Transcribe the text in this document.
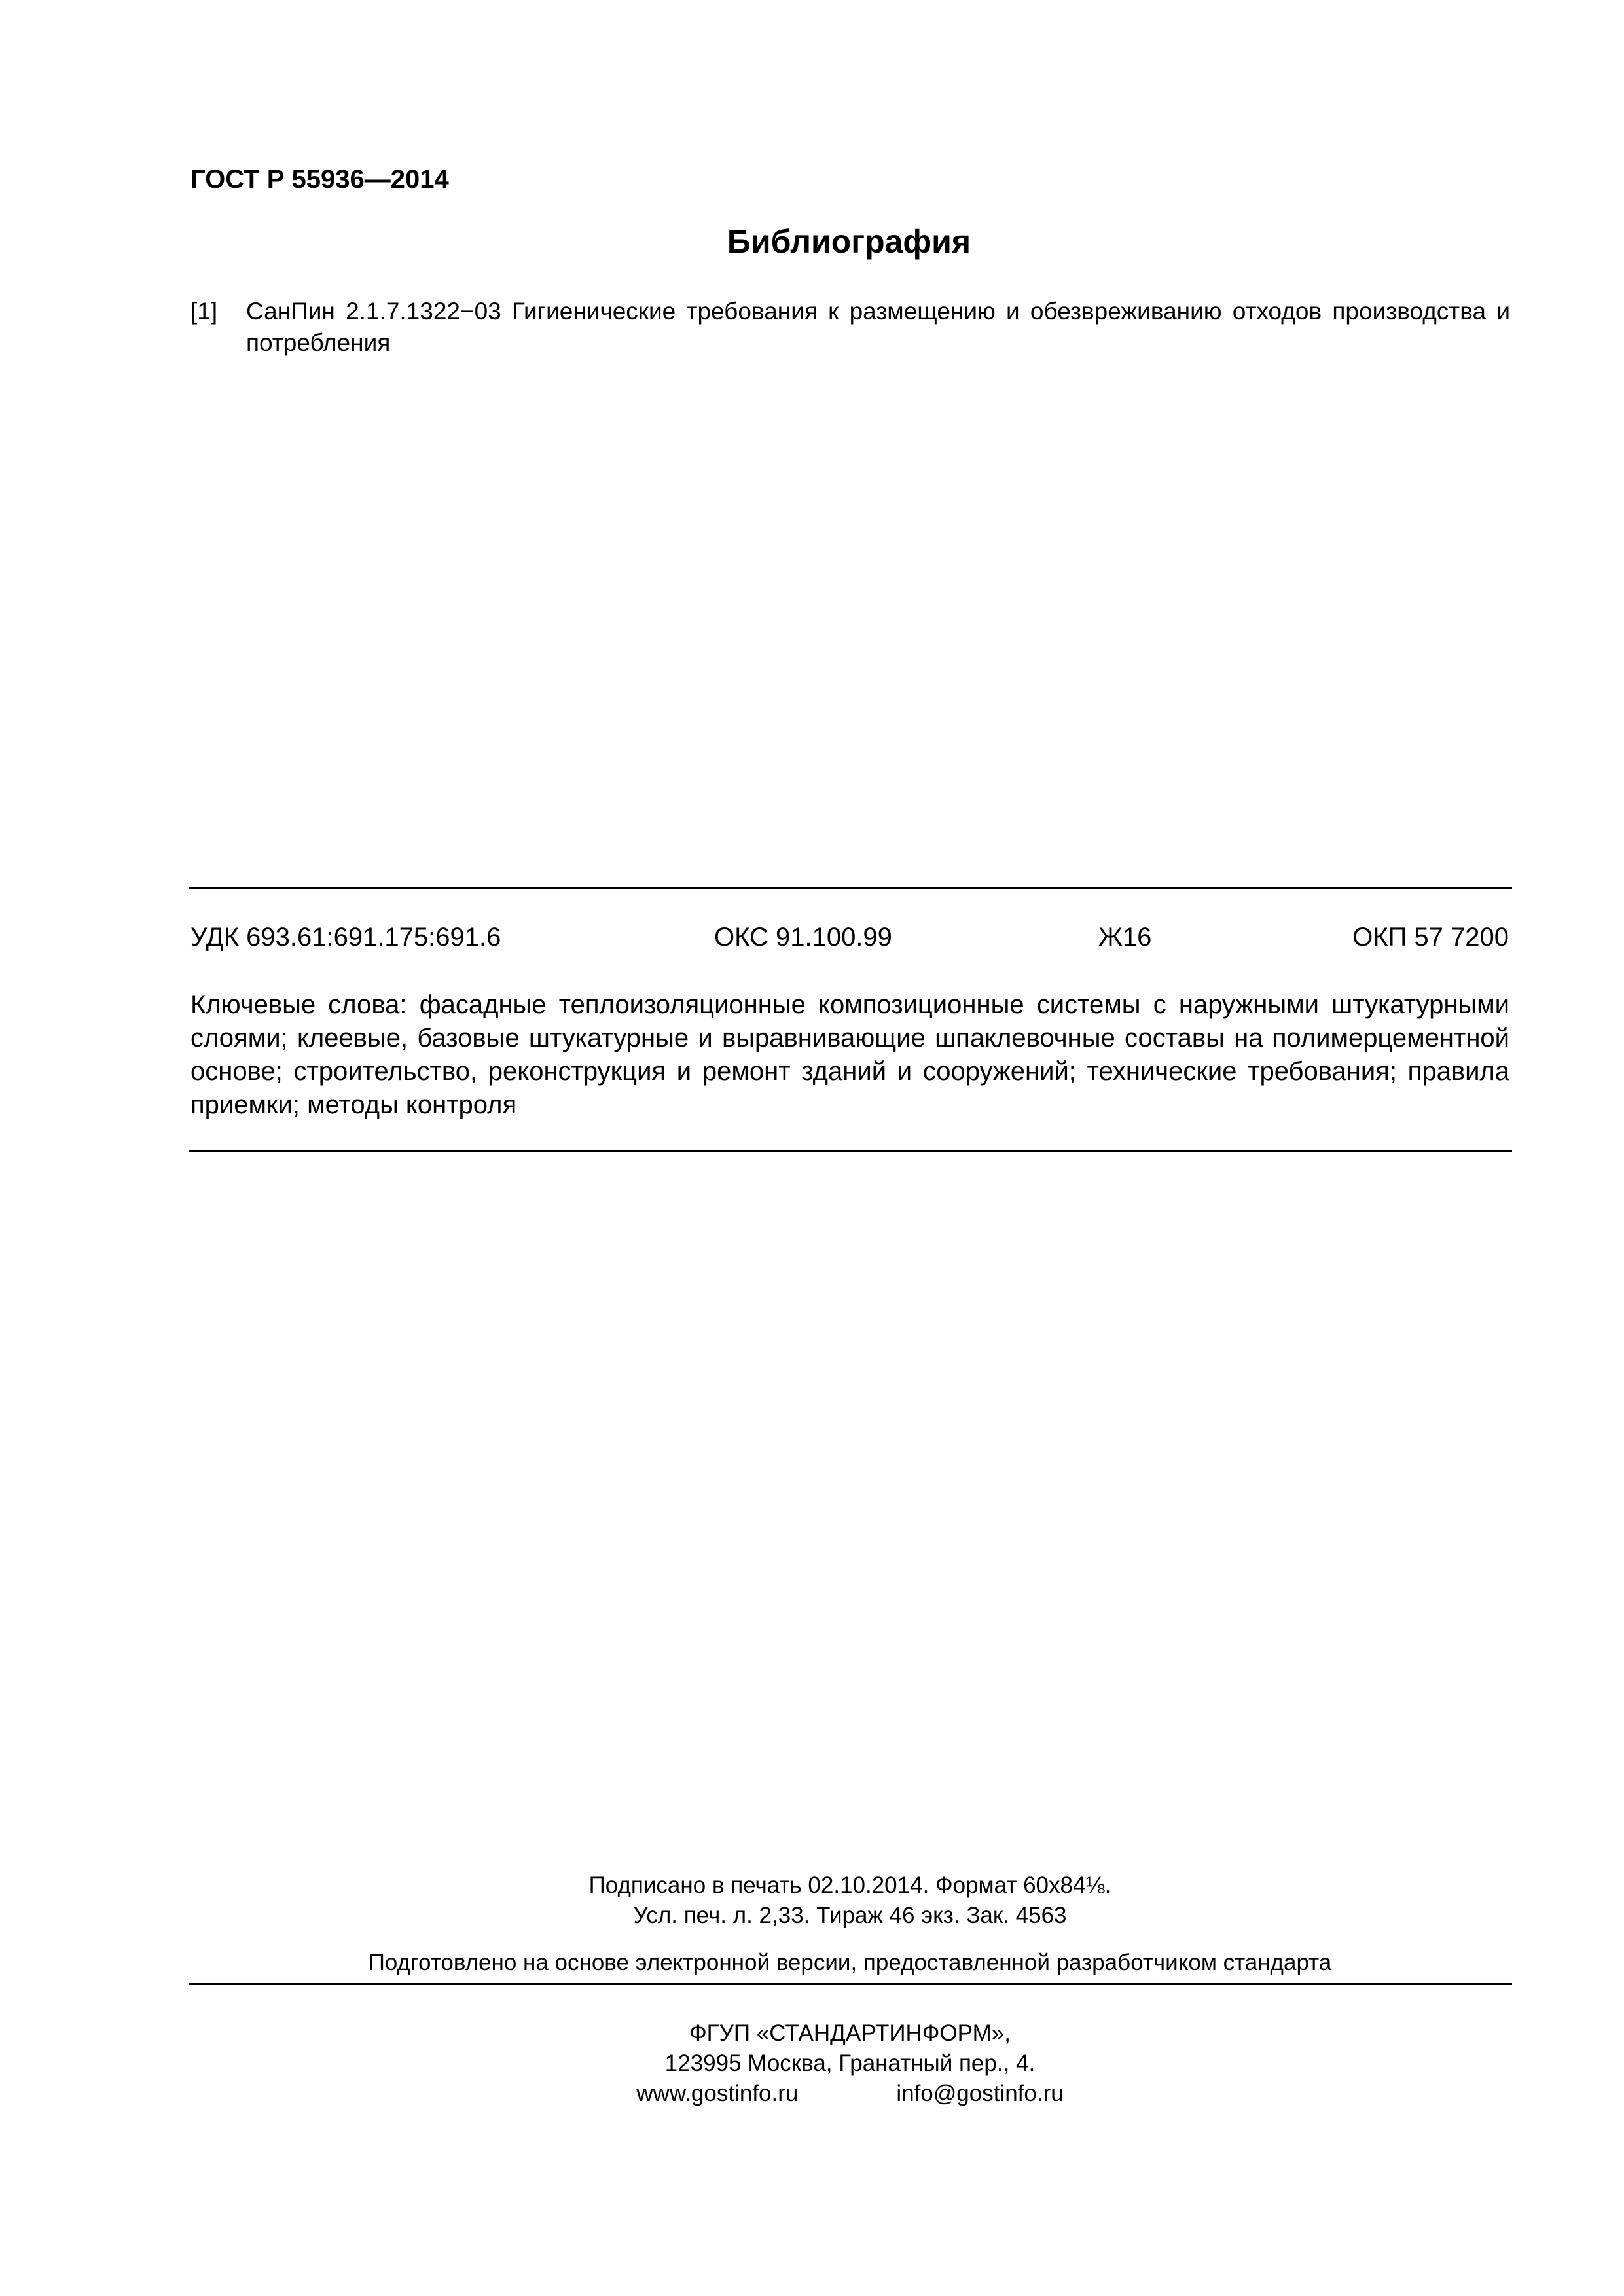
ГОСТ Р 55936—2014
Библиография
[1]	СанПин 2.1.7.1322−03 Гигиенические требования к размещению и обезвреживанию отходов производства и потребления
УДК 693.61:691.175:691.6	ОКС 91.100.99	Ж16	ОКП 57 7200
Ключевые слова: фасадные теплоизоляционные композиционные системы с наружными штукатурными слоями; клеевые, базовые штукатурные и выравнивающие шпаклевочные составы на полимерцементной основе; строительство, реконструкция и ремонт зданий и сооружений; технические требования; правила приемки; методы контроля
Подписано в печать 02.10.2014. Формат 60х84⅛.
Усл. печ. л. 2,33. Тираж 46 экз. Зак. 4563
Подготовлено на основе электронной версии, предоставленной разработчиком стандарта
ФГУП «СТАНДАРТИНФОРМ»,
123995 Москва, Гранатный пер., 4.
www.gostinfo.ru	info@gostinfo.ru
